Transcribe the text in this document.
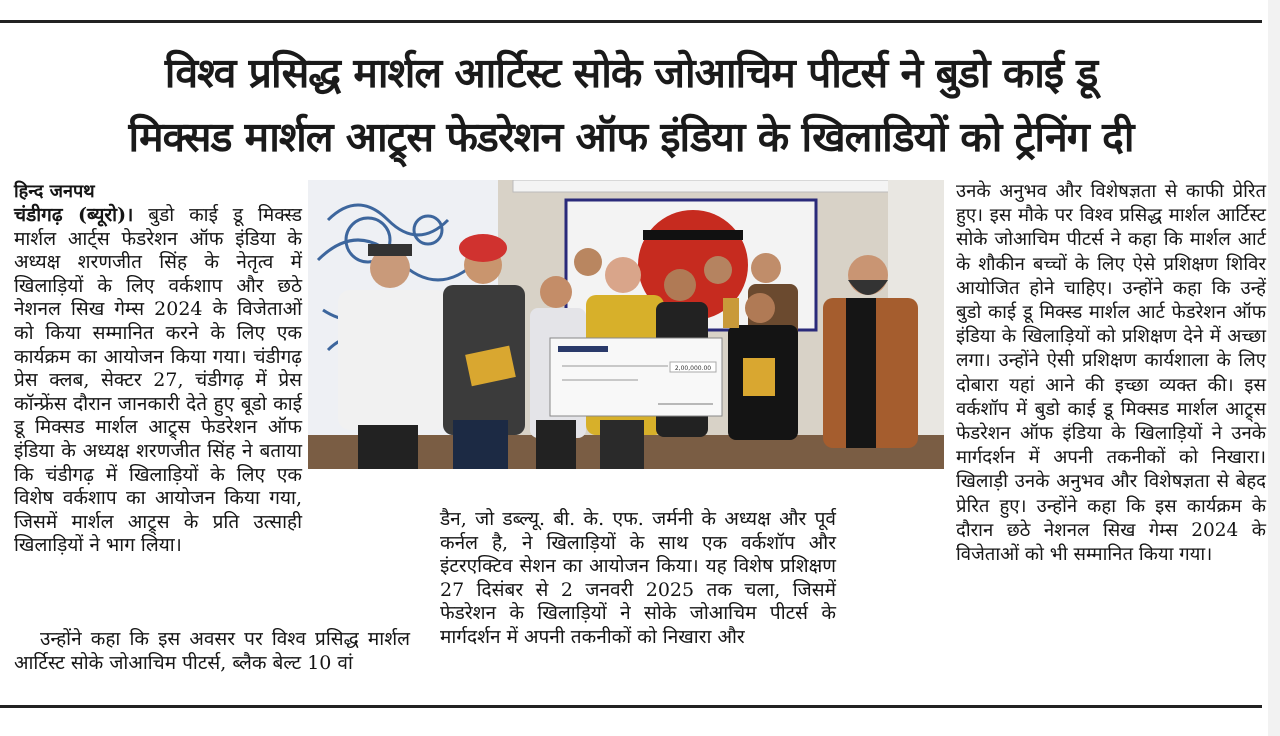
विश्व प्रसिद्ध मार्शल आर्टिस्ट सोके जोआचिम पीटर्स ने बुडो काई डू
मिक्सड मार्शल आट्र्स फेडरेशन ऑफ इंडिया के खिलाडियों को ट्रेनिंग दी

हिन्द जनपथ

चंडीगढ़ (ब्यूरो)। बुडो काई डू मिक्स्ड मार्शल आर्ट्स फेडरेशन ऑफ इंडिया के अध्यक्ष शरणजीत सिंह के नेतृत्व में खिलाड़ियों के लिए वर्कशाप और छठे नेशनल सिख गेम्स 2024 के विजेताओं को किया सम्मानित करने के लिए एक कार्यक्रम का आयोजन किया गया। चंडीगढ़ प्रेस क्लब, सेक्टर 27, चंडीगढ़ में प्रेस कॉन्फ्रेंस दौरान जानकारी देते हुए बूडो काई डू मिक्सड मार्शल आट्र्स फेडरेशन ऑफ इंडिया के अध्यक्ष शरणजीत सिंह ने बताया कि चंडीगढ़ में खिलाड़ियों के लिए एक विशेष वर्कशाप का आयोजन किया गया, जिसमें मार्शल आट्र्स के प्रति उत्साही खिलाड़ियों ने भाग लिया।

उन्होंने कहा कि इस अवसर पर विश्व प्रसिद्ध मार्शल आर्टिस्ट सोके जोआचिम पीटर्स, ब्लैक बेल्ट 10 वां

डैन, जो डब्ल्यू. बी. के. एफ. जर्मनी के अध्यक्ष और पूर्व कर्नल है, ने खिलाड़ियों के साथ एक वर्कशॉप और इंटरएक्टिव सेशन का आयोजन किया। यह विशेष प्रशिक्षण 27 दिसंबर से 2 जनवरी 2025 तक चला, जिसमें फेडरेशन के खिलाड़ियों ने सोके जोआचिम पीटर्स के मार्गदर्शन में अपनी तकनीकों को निखारा और

उनके अनुभव और विशेषज्ञता से काफी प्रेरित हुए। इस मौके पर विश्व प्रसिद्ध मार्शल आर्टिस्ट सोके जोआचिम पीटर्स ने कहा कि मार्शल आर्ट के शौकीन बच्चों के लिए ऐसे प्रशिक्षण शिविर आयोजित होने चाहिए। उन्होंने कहा कि उन्हें बुडो काई डू मिक्स्ड मार्शल आर्ट फेडरेशन ऑफ इंडिया के खिलाड़ियों को प्रशिक्षण देने में अच्छा लगा। उन्होंने ऐसी प्रशिक्षण कार्यशाला के लिए दोबारा यहां आने की इच्छा व्यक्त की। इस वर्कशॉप में बुडो काई डू मिक्सड मार्शल आट्र्स फेडरेशन ऑफ इंडिया के खिलाड़ियों ने उनके मार्गदर्शन में अपनी तकनीकों को निखारा। खिलाड़ी उनके अनुभव और विशेषज्ञता से बेहद प्रेरित हुए। उन्होंने कहा कि इस कार्यक्रम के दौरान छठे नेशनल सिख गेम्स 2024 के विजेताओं को भी सम्मानित किया गया।

2,00,000.00
